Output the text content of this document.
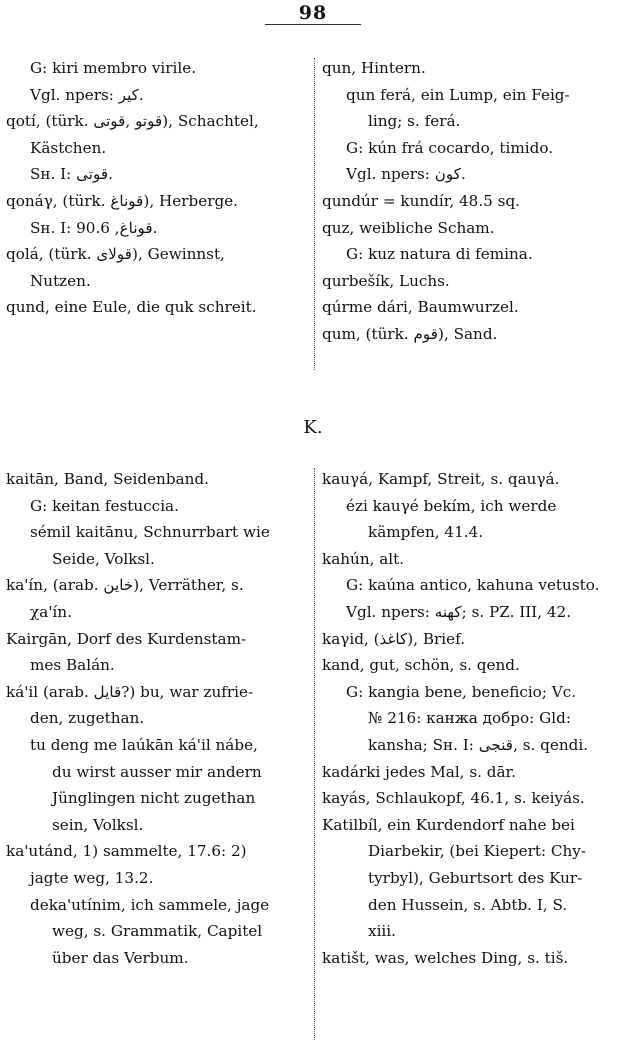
98
G: kiri membro virile.
Vgl. npers: كير.
qotí, (türk. قوتو ,قوتى), Schachtel,
Kästchen.
Sн. I: قوتى.
qonáγ, (türk. قوناغ), Herberge.
Sн. I: قوناغ, 90.6.
qolá, (türk. قولاى), Gewinnst,
Nutzen.
qund, eine Eule, die quk schreit.
qun, Hintern.
qun ferá, ein Lump, ein Feig-
ling; s. ferá.
G: kún frá cocardo, timido.
Vgl. npers: كون.
qundúr = kundír, 48.5 sq.
quz, weibliche Scham.
G: kuz natura di femina.
qurbešík, Luchs.
qúrme dári, Baumwurzel.
qum, (türk. قوم), Sand.
K.
kaitān, Band, Seidenband.
G: keitan festuccia.
sémil kaitānu, Schnurrbart wie
Seide, Volksl.
ka'ín, (arab. خاين), Verräther, s.
χa'ín.
Kairgān, Dorf des Kurdenstam-
mes Balán.
ká'il (arab. قايل?) bu, war zufrie-
den, zugethan.
tu deng me laúkān ká'il nábe,
du wirst ausser mir andern
Jünglingen nicht zugethan
sein, Volksl.
ka'utánd, 1) sammelte, 17.6: 2)
jagte weg, 13.2.
deka'utínim, ich sammele, jage
weg, s. Grammatik, Capitel
über das Verbum.
kauγá, Kampf, Streit, s. qauγá.
ézi kauγé bekím, ich werde
kämpfen, 41.4.
kahún, alt.
G: kaúna antico, kahuna vetusto.
Vgl. npers: كهنه; s. PZ. III, 42.
kaγid, (كاغذ), Brief.
kand, gut, schön, s. qend.
G: kangia bene, beneficio; Vc.
№ 216: канжа добро: Gld:
kansha; Sн. I: قنجى, s. qendi.
kadárki jedes Mal, s. dār.
kayás, Schlaukopf, 46.1, s. keiyás.
Katilbíl, ein Kurdendorf nahe bei
Diarbekir, (bei Kiepert: Chy-
tyrbyl), Geburtsort des Kur-
den Hussein, s. Abtb. I, S.
xiii.
katišt, was, welches Ding, s. tiš.
